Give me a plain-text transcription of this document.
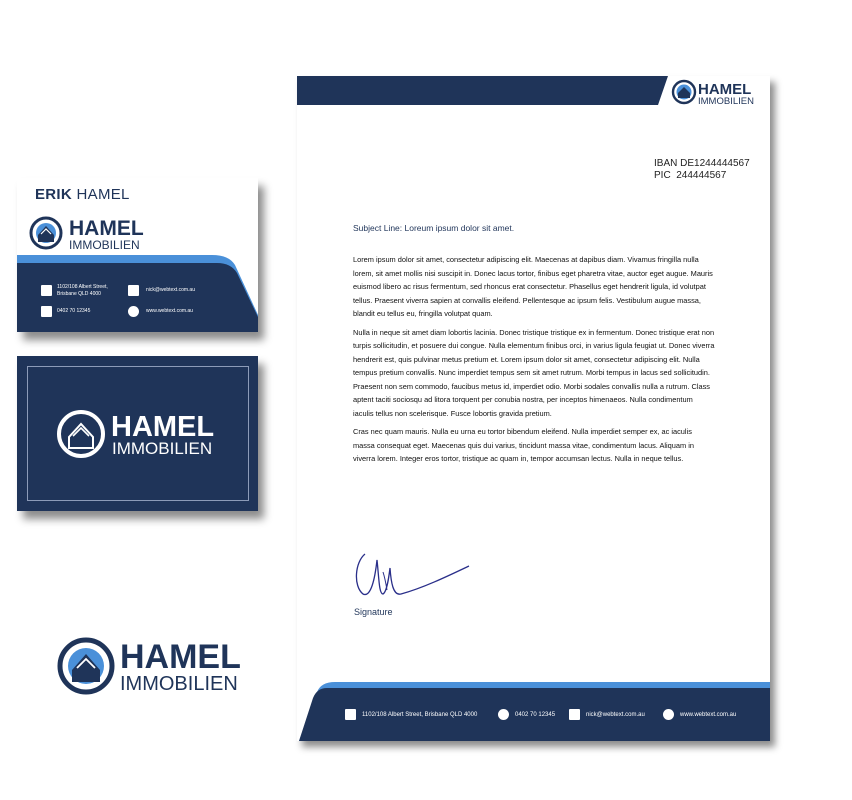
ERIK HAMEL
HAMEL
IMMOBILIEN
1102/108 Albert Street,
Brisbane QLD 4000
0402 70 12345
nick@webtext.com.au
www.webtext.com.au
HAMEL
IMMOBILIEN
HAMEL
IMMOBILIEN
HAMEL
IMMOBILIEN
IBAN DE1244444567
PIC  244444567
Subject Line: Loreum ipsum dolor sit amet.

Lorem ipsum dolor sit amet, consectetur adipiscing elit. Maecenas at dapibus diam. Vivamus fringilla nulla lorem, sit amet mollis nisi suscipit in. Donec lacus tortor, finibus eget pharetra vitae, auctor eget augue. Mauris euismod libero ac risus fermentum, sed rhoncus erat consectetur. Phasellus eget hendrerit ligula, id volutpat tellus. Praesent viverra sapien at convallis eleifend. Pellentesque ac ipsum felis. Vestibulum augue massa, blandit eu tellus eu, fringilla volutpat quam.

Nulla in neque sit amet diam lobortis lacinia. Donec tristique tristique ex in fermentum. Donec tristique erat non turpis sollicitudin, et posuere dui congue. Nulla elementum finibus orci, in varius ligula feugiat ut. Donec viverra hendrerit est, quis pulvinar metus pretium et. Lorem ipsum dolor sit amet, consectetur adipiscing elit. Nulla tempus pretium convallis. Nunc imperdiet tempus sem sit amet rutrum. Morbi tempus in lacus sed sollicitudin. Praesent non sem commodo, faucibus metus id, imperdiet odio. Morbi sodales convallis nulla a rutrum. Class aptent taciti sociosqu ad litora torquent per conubia nostra, per inceptos himenaeos. Nulla condimentum iaculis tellus non scelerisque. Fusce lobortis gravida pretium.

Cras nec quam mauris. Nulla eu urna eu tortor bibendum eleifend. Nulla imperdiet semper ex, ac iaculis massa consequat eget. Maecenas quis dui varius, tincidunt massa vitae, condimentum lacus. Aliquam in viverra lorem. Integer eros tortor, tristique ac quam in, tempor accumsan lectus. Nulla in neque tellus.

Signature
1102/108 Albert Street, Brisbane QLD 4000	0402 70 12345	nick@webtext.com.au	www.webtext.com.au
